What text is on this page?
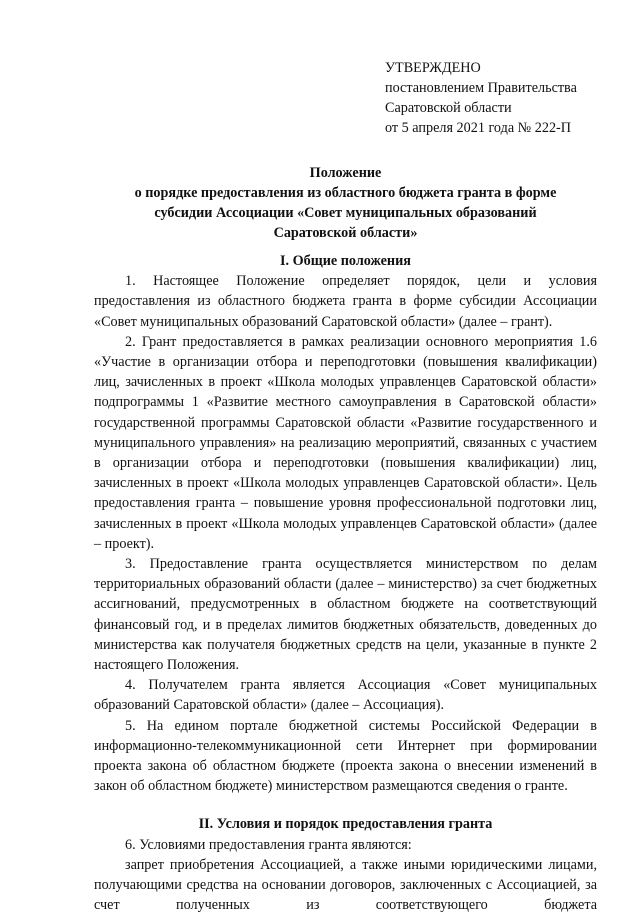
УТВЕРЖДЕНО
постановлением Правительства
Саратовской области
от 5 апреля 2021 года № 222-П
Положение
о порядке предоставления из областного бюджета гранта в форме
субсидии Ассоциации «Совет муниципальных образований
Саратовской области»
I. Общие положения

1. Настоящее Положение определяет порядок, цели и условия предоставления из областного бюджета гранта в форме субсидии Ассоциации «Совет муниципальных образований Саратовской области» (далее – грант).

2. Грант предоставляется в рамках реализации основного мероприятия 1.6 «Участие в организации отбора и переподготовки (повышения квалификации) лиц, зачисленных в проект «Школа молодых управленцев Саратовской области» подпрограммы 1 «Развитие местного самоуправления в Саратовской области» государственной программы Саратовской области «Развитие государственного и муниципального управления» на реализацию мероприятий, связанных с участием в организации отбора и переподготовки (повышения квалификации) лиц, зачисленных в проект «Школа молодых управленцев Саратовской области». Цель предоставления гранта – повышение уровня профессиональной подготовки лиц, зачисленных в проект «Школа молодых управленцев Саратовской области» (далее – проект).

3. Предоставление гранта осуществляется министерством по делам территориальных образований области (далее – министерство) за счет бюджетных ассигнований, предусмотренных в областном бюджете на соответствующий финансовый год, и в пределах лимитов бюджетных обязательств, доведенных до министерства как получателя бюджетных средств на цели, указанные в пункте 2 настоящего Положения.

4. Получателем гранта является Ассоциация «Совет муниципальных образований Саратовской области» (далее – Ассоциация).

5. На едином портале бюджетной системы Российской Федерации в информационно-телекоммуникационной сети Интернет при формировании проекта закона об областном бюджете (проекта закона о внесении изменений в закон об областном бюджете) министерством размещаются сведения о гранте.

II. Условия и порядок предоставления гранта

6. Условиями предоставления гранта являются:

запрет приобретения Ассоциацией, а также иными юридическими лицами, получающими средства на основании договоров, заключенных с Ассоциацией, за счет полученных из соответствующего бюджета
